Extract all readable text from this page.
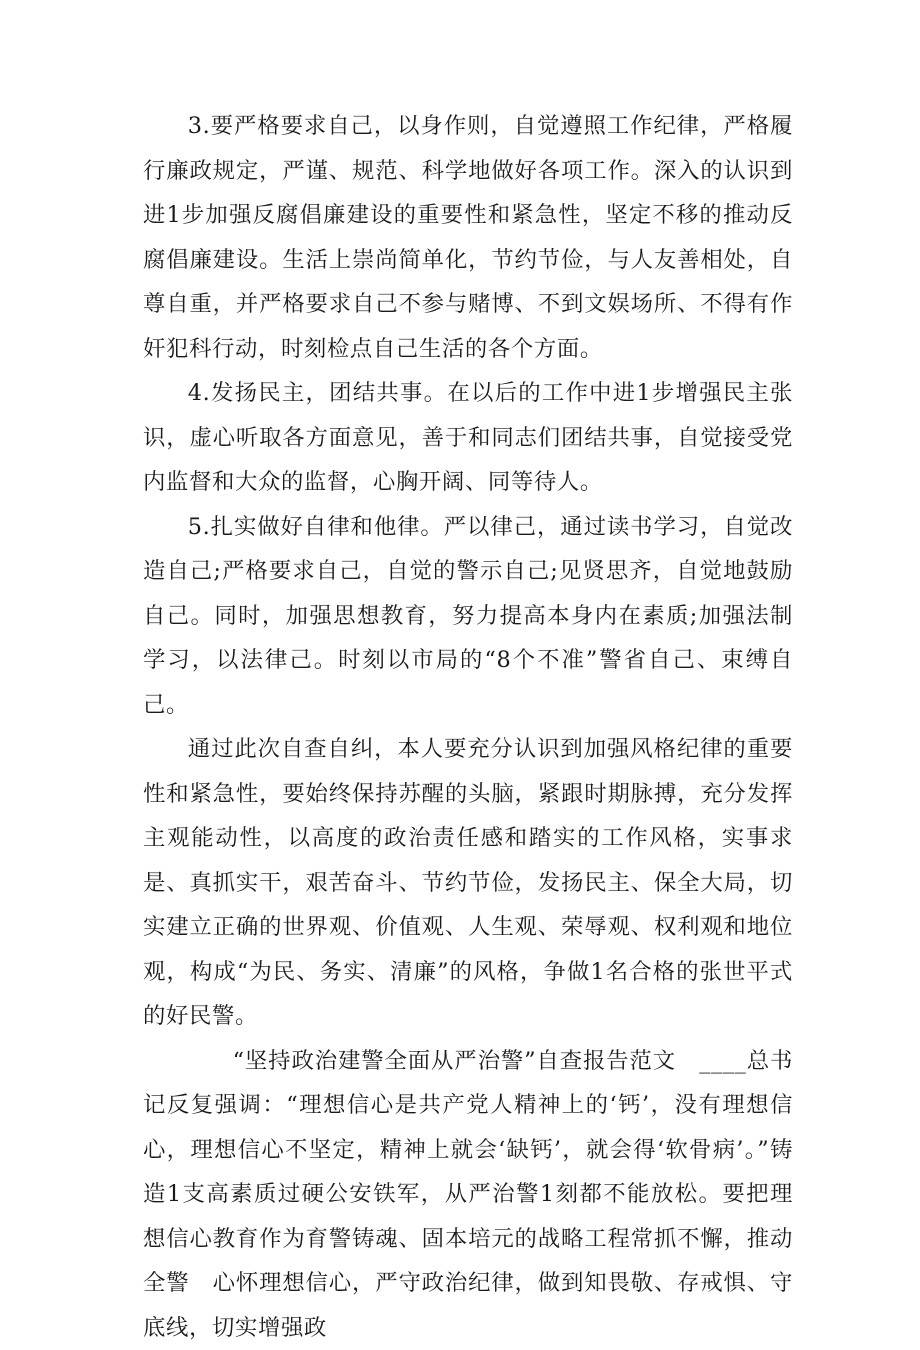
3.要严格要求自己，以身作则，自觉遵照工作纪律，严格履行廉政规定，严谨、规范、科学地做好各项工作。深入的认识到进1步加强反腐倡廉建设的重要性和紧急性，坚定不移的推动反腐倡廉建设。生活上崇尚简单化，节约节俭，与人友善相处，自尊自重，并严格要求自己不参与赌博、不到文娱场所、不得有作奸犯科行动，时刻检点自己生活的各个方面。

4.发扬民主，团结共事。在以后的工作中进1步增强民主张识，虚心听取各方面意见，善于和同志们团结共事，自觉接受党内监督和大众的监督，心胸开阔、同等待人。

5.扎实做好自律和他律。严以律己，通过读书学习，自觉改造自己;严格要求自己，自觉的警示自己;见贤思齐，自觉地鼓励自己。同时，加强思想教育，努力提高本身内在素质;加强法制学习，以法律己。时刻以市局的“8个不准”警省自己、束缚自己。

通过此次自查自纠，本人要充分认识到加强风格纪律的重要性和紧急性，要始终保持苏醒的头脑，紧跟时期脉搏，充分发挥主观能动性，以高度的政治责任感和踏实的工作风格，实事求是、真抓实干，艰苦奋斗、节约节俭，发扬民主、保全大局，切实建立正确的世界观、价值观、人生观、荣辱观、权利观和地位观，构成“为民、务实、清廉”的风格，争做1名合格的张世平式的好民警。

“坚持政治建警全面从严治警”自查报告范文　____总书记反复强调：“理想信心是共产党人精神上的‘钙’，没有理想信心，理想信心不坚定，精神上就会‘缺钙’，就会得‘软骨病’。”铸造1支高素质过硬公安铁军，从严治警1刻都不能放松。要把理想信心教育作为育警铸魂、固本培元的战略工程常抓不懈，推动全警　心怀理想信心，严守政治纪律，做到知畏敬、存戒惧、守底线，切实增强政
